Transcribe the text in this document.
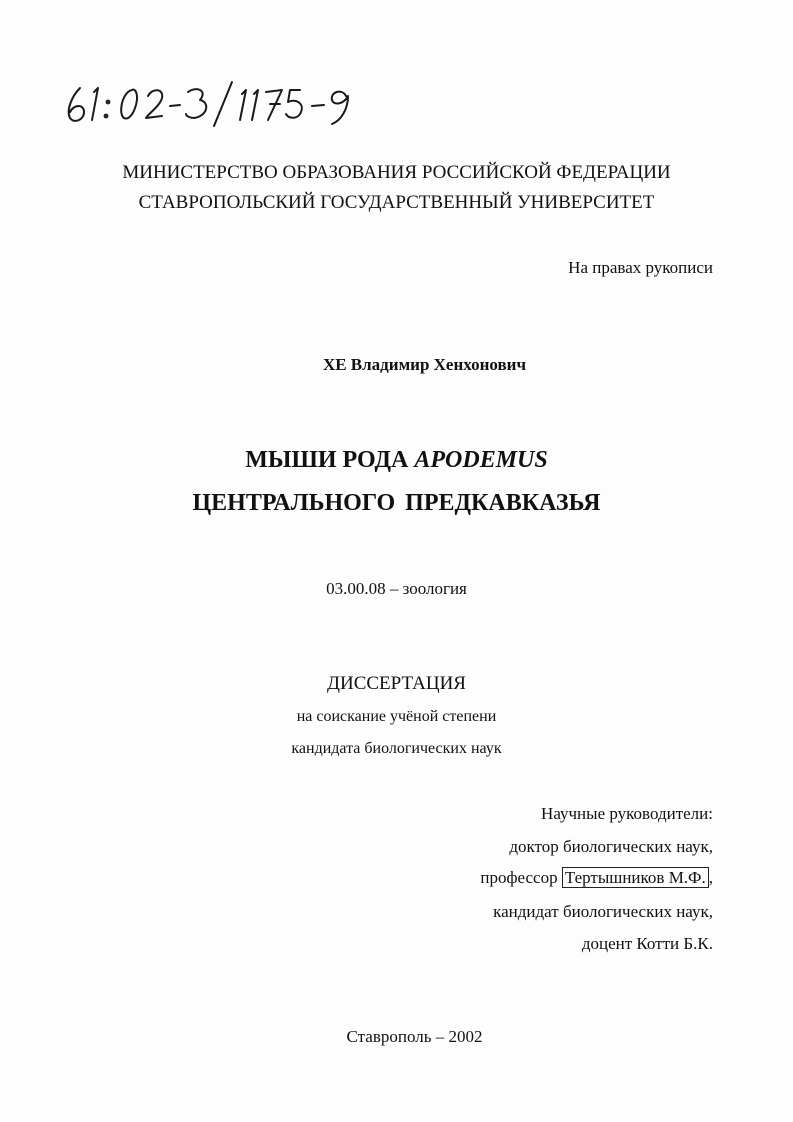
МИНИСТЕРСТВО ОБРАЗОВАНИЯ РОССИЙСКОЙ ФЕДЕРАЦИИ
СТАВРОПОЛЬСКИЙ ГОСУДАРСТВЕННЫЙ УНИВЕРСИТЕТ
На правах рукописи
ХЕ Владимир Хенхонович
МЫШИ РОДА APODEMUS
ЦЕНТРАЛЬНОГО ПРЕДКАВКАЗЬЯ
03.00.08 – зоология
ДИССЕРТАЦИЯ
на соискание учёной степени
кандидата биологических наук
Научные руководители:
доктор биологических наук,
профессор Тертышников М.Ф. ,
кандидат биологических наук,
доцент Котти Б.К.
Ставрополь – 2002
